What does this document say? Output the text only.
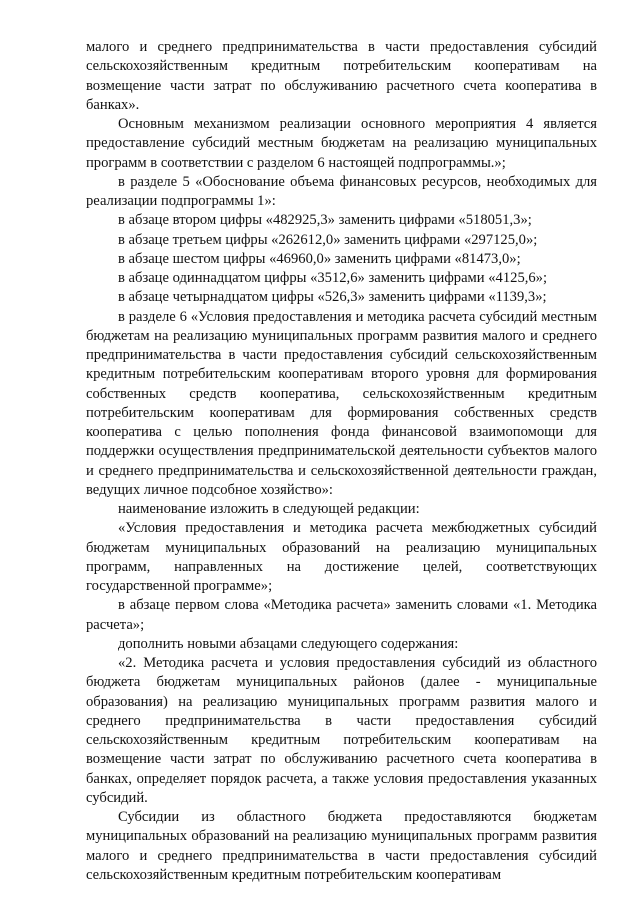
малого и среднего предпринимательства в части предоставления субсидий сельскохозяйственным кредитным потребительским кооперативам на возмещение части затрат по обслуживанию расчетного счета кооператива в банках».

Основным механизмом реализации основного мероприятия 4 является предоставление субсидий местным бюджетам на реализацию муниципальных программ в соответствии с разделом 6 настоящей подпрограммы.»;

в разделе 5 «Обоснование объема финансовых ресурсов, необходимых для реализации подпрограммы 1»:

в абзаце втором цифры «482925,3» заменить цифрами «518051,3»;

в абзаце третьем цифры «262612,0» заменить цифрами «297125,0»;

в абзаце шестом цифры «46960,0» заменить цифрами «81473,0»;

в абзаце одиннадцатом цифры «3512,6» заменить цифрами «4125,6»;

в абзаце четырнадцатом цифры «526,3» заменить цифрами «1139,3»;

в разделе 6 «Условия предоставления и методика расчета субсидий местным бюджетам на реализацию муниципальных программ развития малого и среднего предпринимательства в части предоставления субсидий сельскохозяйственным кредитным потребительским кооперативам второго уровня для формирования собственных средств кооператива, сельскохозяйственным кредитным потребительским кооперативам для формирования собственных средств кооператива с целью пополнения фонда финансовой взаимопомощи для поддержки осуществления предпринимательской деятельности субъектов малого и среднего предпринимательства и сельскохозяйственной деятельности граждан, ведущих личное подсобное хозяйство»:

наименование изложить в следующей редакции:

«Условия предоставления и методика расчета межбюджетных субсидий бюджетам муниципальных образований на реализацию муниципальных программ, направленных на достижение целей, соответствующих государственной программе»;

в абзаце первом слова «Методика расчета» заменить словами «1. Методика расчета»;

дополнить новыми абзацами следующего содержания:

«2. Методика расчета и условия предоставления субсидий из областного бюджета бюджетам муниципальных районов (далее - муниципальные образования) на реализацию муниципальных программ развития малого и среднего предпринимательства в части предоставления субсидий сельскохозяйственным кредитным потребительским кооперативам на возмещение части затрат по обслуживанию расчетного счета кооператива в банках, определяет порядок расчета, а также условия предоставления указанных субсидий.

Субсидии из областного бюджета предоставляются бюджетам муниципальных образований на реализацию муниципальных программ развития малого и среднего предпринимательства в части предоставления субсидий сельскохозяйственным кредитным потребительским кооперативам
